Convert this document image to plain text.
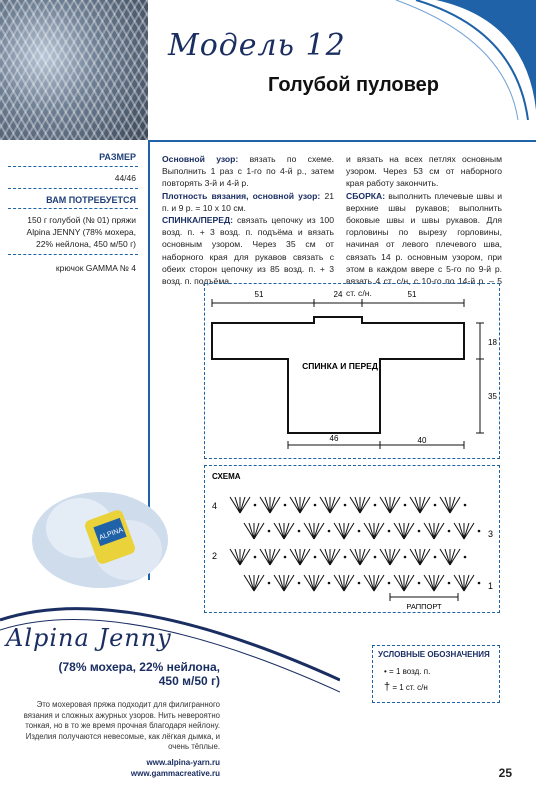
Модель 12
Голубой пуловер
РАЗМЕР
44/46
ВАМ ПОТРЕБУЕТСЯ
150 г голубой (№ 01) пряжи
Alpina JENNY (78% мохера,
22% нейлона, 450 м/50 г)
крючок GAMMA № 4
Основной узор: вязать по схеме. Выполнить 1 раз с 1-го по 4-й р., затем повторять 3-й и 4-й р.
Плотность вязания, основной узор: 21 п. и 9 р. = 10 х 10 см.
СПИНКА/ПЕРЕД: связать цепочку из 100 возд. п. + 3 возд. п. подъёма и вязать основным узором. Через 35 см от наборного края для рукавов связать с обеих сторон цепочку из 85 возд. п. + 3 возд. п. подъёма
и вязать на всех петлях основным узором. Через 53 см от наборного края работу закончить.
СБОРКА: выполнить плечевые швы и верхние швы рукавов; выполнить боковые швы и швы рукавов. Для горловины по вырезу горловины, начиная от левого плечевого шва, связать 14 р. основным узором, при этом в каждом ввере с 5-го по 9-й р. вязать 4 ст. с/н, с 10-го по 14-й р. – 5 ст. с/н.
51	24	51
18
35
46	40
СПИНКА И ПЕРЕД
СХЕМА
4
2
3
1
РАППОРТ
УСЛОВНЫЕ ОБОЗНАЧЕНИЯ
• = 1 возд. п.
† = 1 ст. с/н
ALPINA
Alpina Jenny
(78% мохера, 22% нейлона,
450 м/50 г)
Это мохеровая пряжа подходит для филигранного вязания и сложных ажурных узоров. Нить невероятно тонкая, но в то же время прочная благодаря нейлону. Изделия получаются невесомые, как лёгкая дымка, и очень тёплые.
www.alpina-yarn.ru
www.gammacreative.ru	25
